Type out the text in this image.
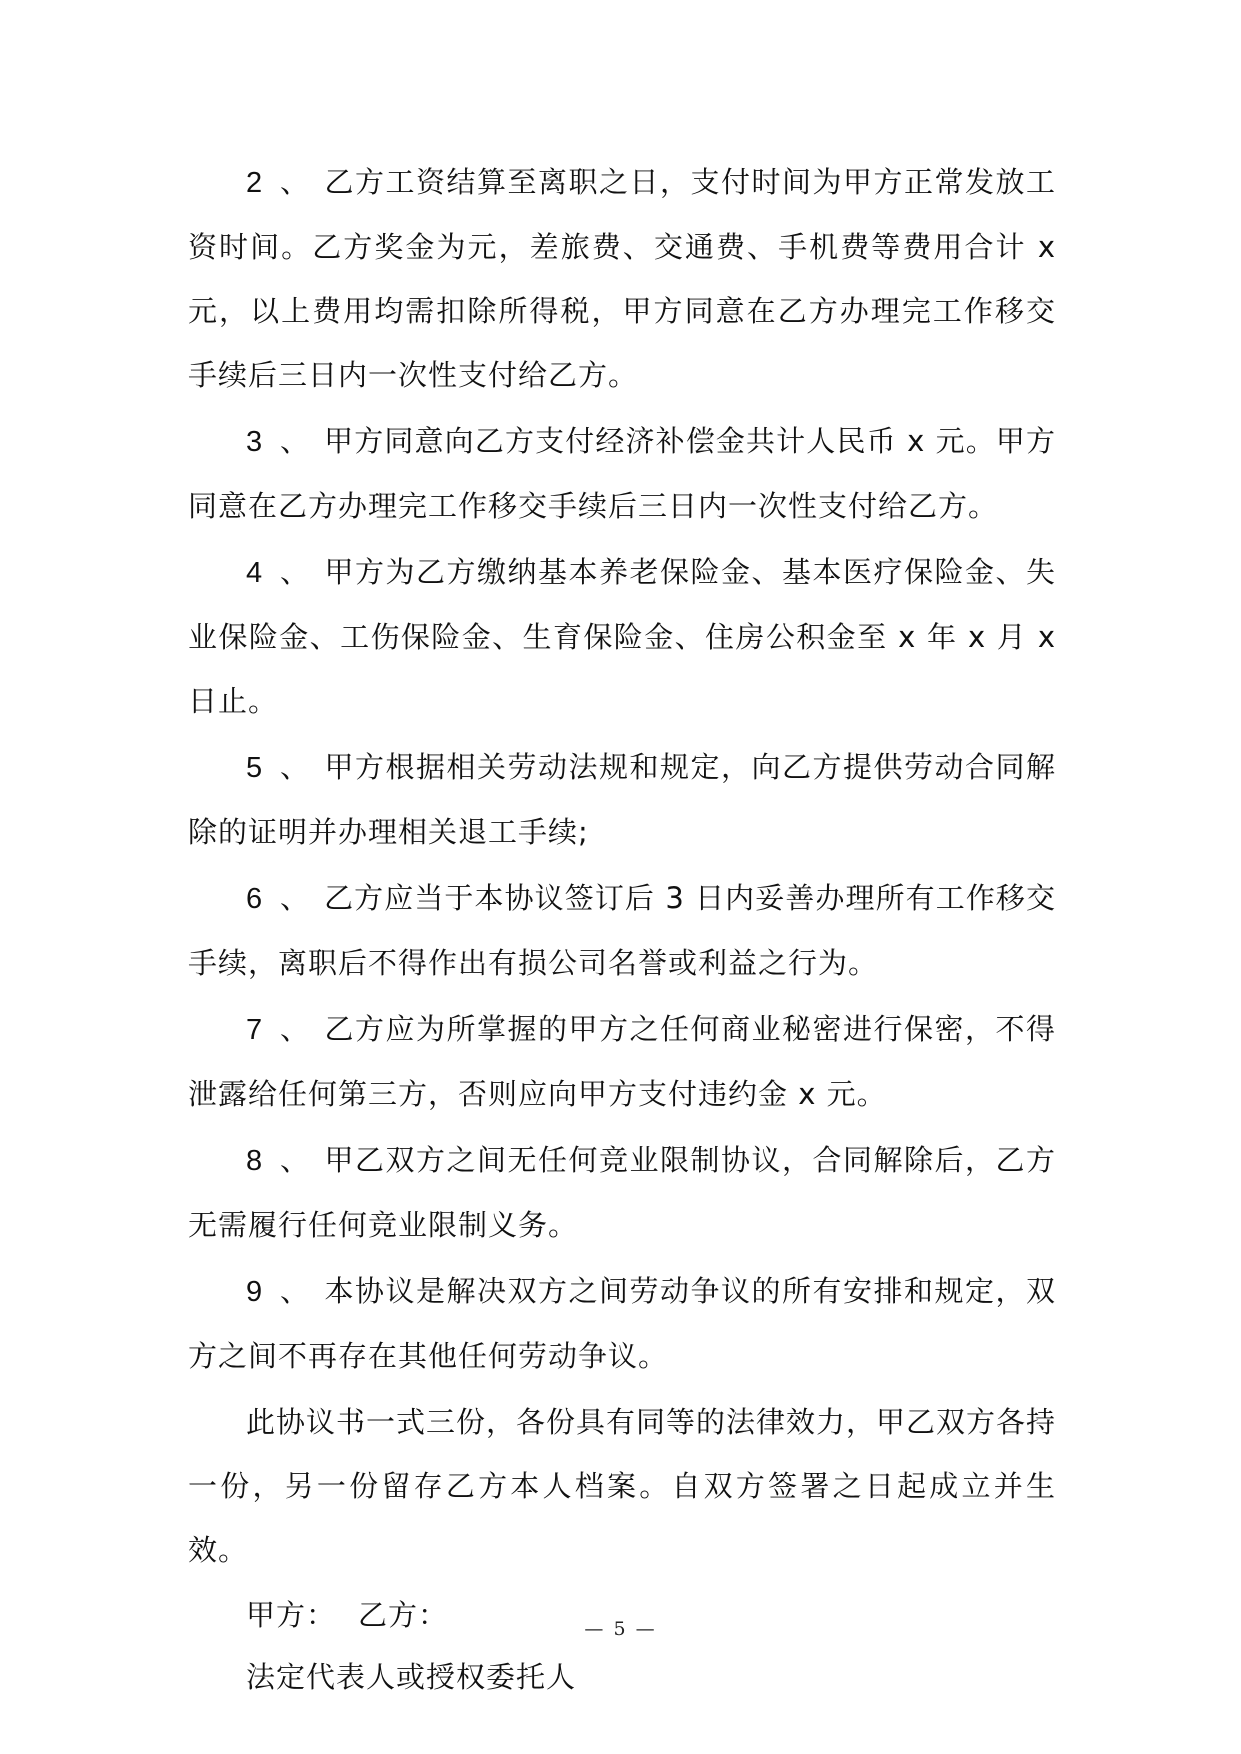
2 、 乙方工资结算至离职之日，支付时间为甲方正常发放工资时间。乙方奖金为元，差旅费、交通费、手机费等费用合计 x 元，以上费用均需扣除所得税，甲方同意在乙方办理完工作移交手续后三日内一次性支付给乙方。

3 、 甲方同意向乙方支付经济补偿金共计人民币 x 元。甲方同意在乙方办理完工作移交手续后三日内一次性支付给乙方。

4 、 甲方为乙方缴纳基本养老保险金、基本医疗保险金、失业保险金、工伤保险金、生育保险金、住房公积金至 x 年 x 月 x 日止。

5 、 甲方根据相关劳动法规和规定，向乙方提供劳动合同解除的证明并办理相关退工手续;

6 、 乙方应当于本协议签订后 3 日内妥善办理所有工作移交手续，离职后不得作出有损公司名誉或利益之行为。

7 、 乙方应为所掌握的甲方之任何商业秘密进行保密，不得泄露给任何第三方，否则应向甲方支付违约金 x 元。

8 、 甲乙双方之间无任何竞业限制协议，合同解除后，乙方无需履行任何竞业限制义务。

9 、 本协议是解决双方之间劳动争议的所有安排和规定，双方之间不再存在其他任何劳动争议。

此协议书一式三份，各份具有同等的法律效力，甲乙双方各持一份，另一份留存乙方本人档案。自双方签署之日起成立并生效。

甲方： 乙方：

法定代表人或授权委托人

— 5 —
